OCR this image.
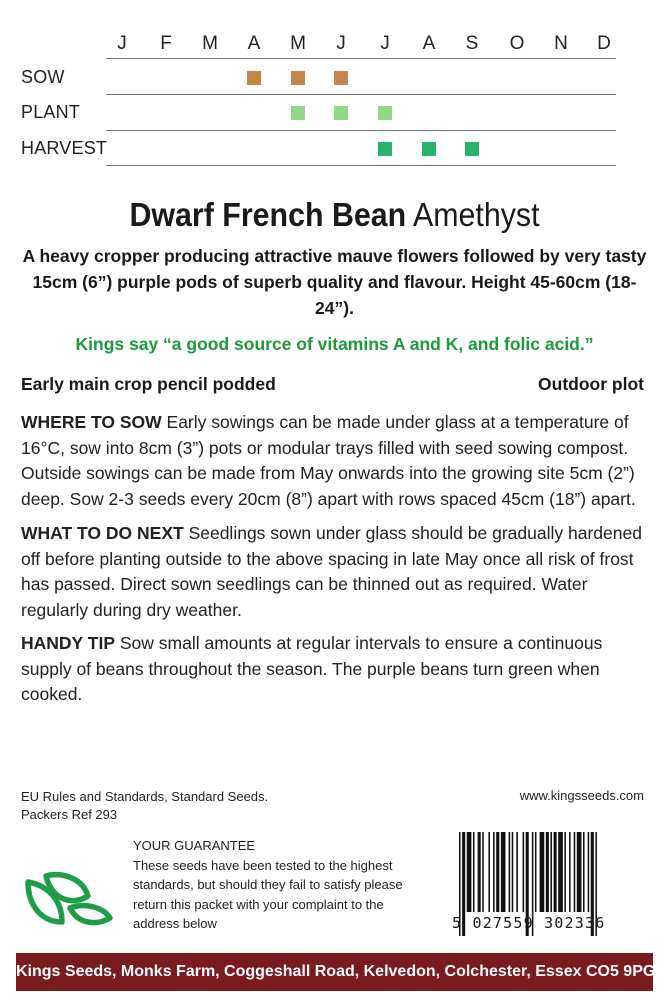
J F M A M J J A S O N D
SOW
PLANT
HARVEST
Dwarf French Bean Amethyst
A heavy cropper producing attractive mauve flowers followed by very tasty 15cm (6”) purple pods of superb quality and flavour. Height 45-60cm (18-24”).
Kings say “a good source of vitamins A and K, and folic acid.”
Early main crop pencil podded	Outdoor plot
WHERE TO SOW Early sowings can be made under glass at a temperature of 16°C, sow into 8cm (3”) pots or modular trays filled with seed sowing compost. Outside sowings can be made from May onwards into the growing site 5cm (2”) deep. Sow 2-3 seeds every 20cm (8”) apart with rows spaced 45cm (18”) apart.
WHAT TO DO NEXT Seedlings sown under glass should be gradually hardened off before planting outside to the above spacing in late May once all risk of frost has passed. Direct sown seedlings can be thinned out as required. Water regularly during dry weather.
HANDY TIP Sow small amounts at regular intervals to ensure a continuous supply of beans throughout the season. The purple beans turn green when cooked.
EU Rules and Standards, Standard Seeds.
Packers Ref 293
www.kingsseeds.com
YOUR GUARANTEE
These seeds have been tested to the highest standards, but should they fail to satisfy please return this packet with your complaint to the address below	5 027559 302336
Kings Seeds, Monks Farm, Coggeshall Road, Kelvedon, Colchester, Essex CO5 9PG
